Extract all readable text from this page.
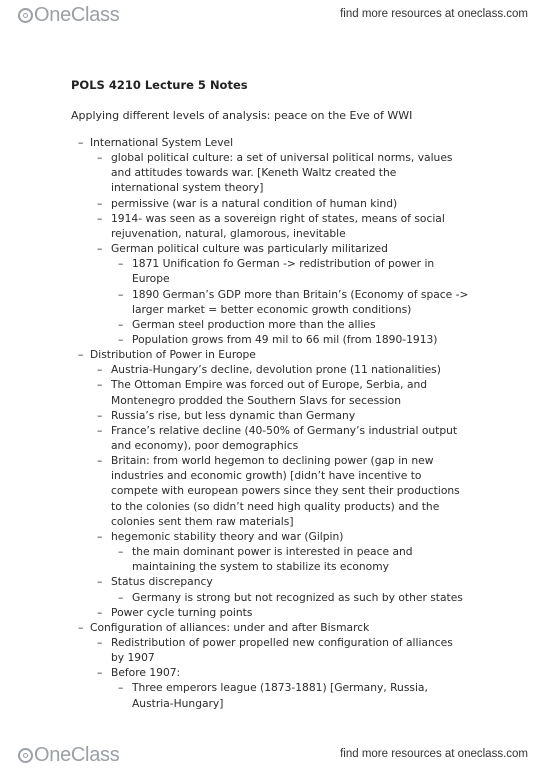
OneClass	find more resources at oneclass.com
POLS 4210 Lecture 5 Notes
Applying different levels of analysis: peace on the Eve of WWI
– International System Level
– global political culture: a set of universal political norms, values
and attitudes towards war. [Keneth Waltz created the
international system theory]
– permissive (war is a natural condition of human kind)
– 1914- was seen as a sovereign right of states, means of social
rejuvenation, natural, glamorous, inevitable
– German political culture was particularly militarized
– 1871 Unification fo German -> redistribution of power in
Europe
– 1890 German’s GDP more than Britain’s (Economy of space ->
larger market = better economic growth conditions)
– German steel production more than the allies
– Population grows from 49 mil to 66 mil (from 1890-1913)
– Distribution of Power in Europe
– Austria-Hungary’s decline, devolution prone (11 nationalities)
– The Ottoman Empire was forced out of Europe, Serbia, and
Montenegro prodded the Southern Slavs for secession
– Russia’s rise, but less dynamic than Germany
– France’s relative decline (40-50% of Germany’s industrial output
and economy), poor demographics
– Britain: from world hegemon to declining power (gap in new
industries and economic growth) [didn’t have incentive to
compete with european powers since they sent their productions
to the colonies (so didn’t need high quality products) and the
colonies sent them raw materials]
– hegemonic stability theory and war (Gilpin)
– the main dominant power is interested in peace and
maintaining the system to stabilize its economy
– Status discrepancy
– Germany is strong but not recognized as such by other states
– Power cycle turning points
– Configuration of alliances: under and after Bismarck
– Redistribution of power propelled new configuration of alliances
by 1907
– Before 1907:
– Three emperors league (1873-1881) [Germany, Russia,
Austria-Hungary]
OneClass	find more resources at oneclass.com
